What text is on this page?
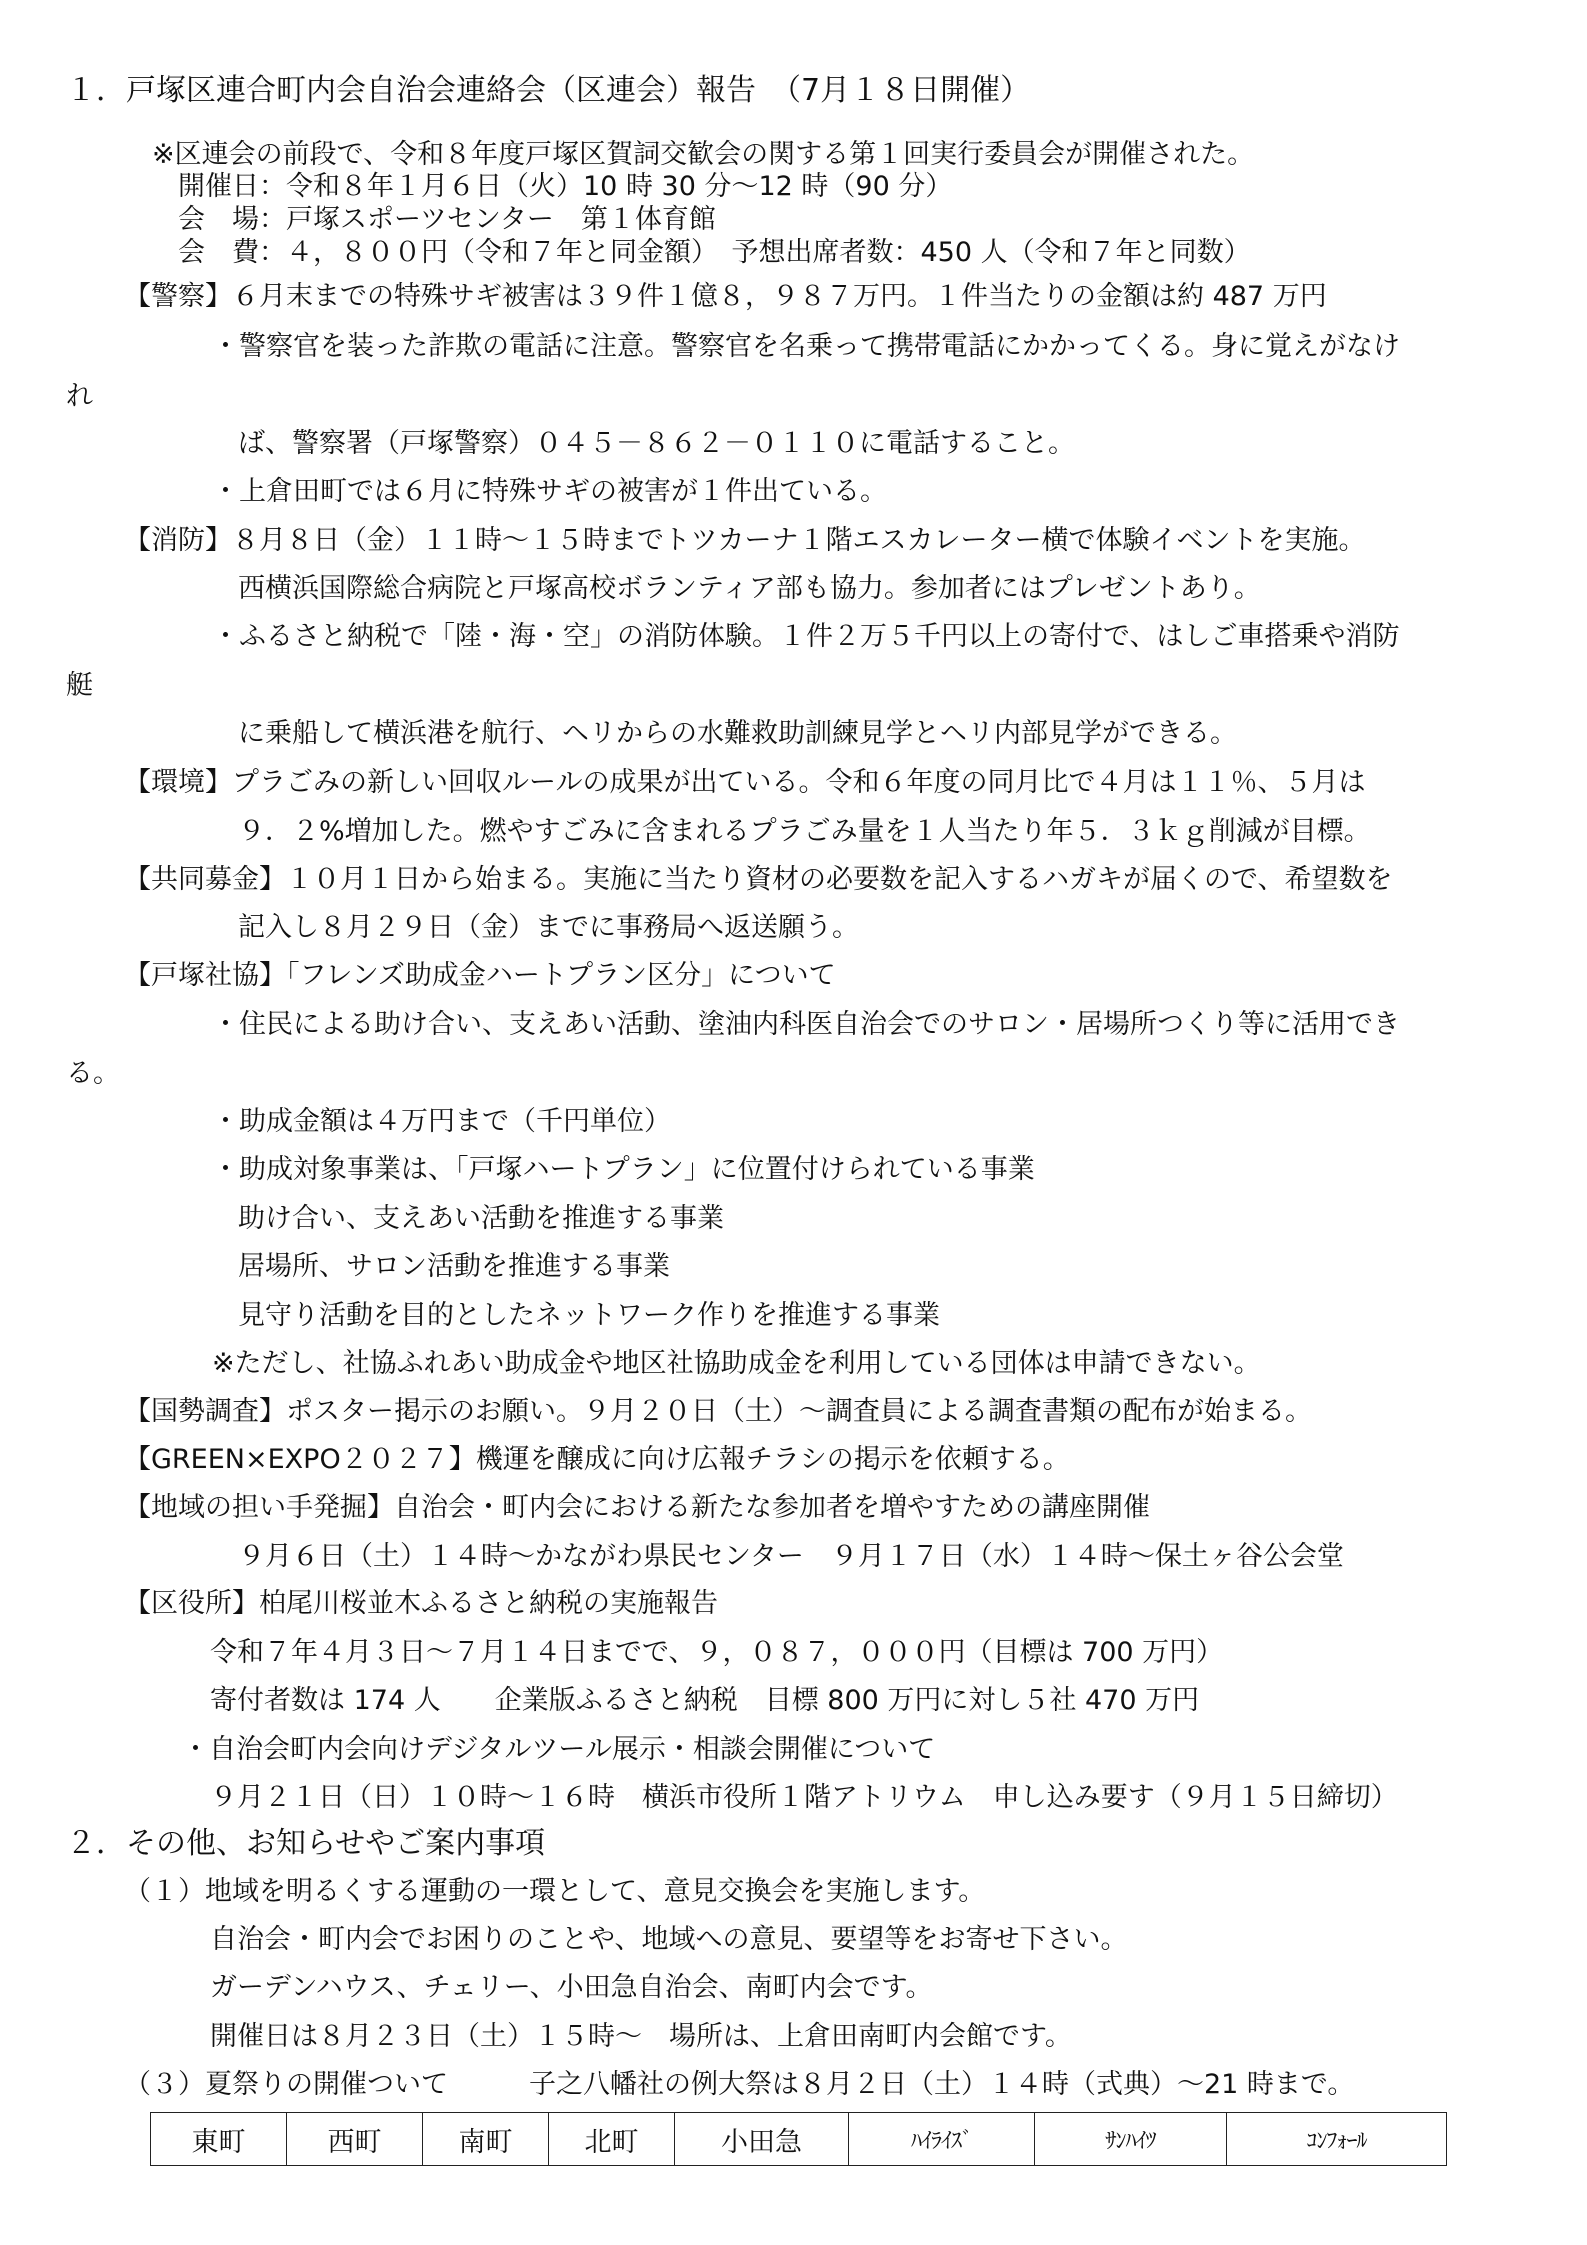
１．戸塚区連合町内会自治会連絡会（区連会）報告　（7月１８日開催）
※区連会の前段で、令和８年度戸塚区賀詞交歓会の関する第１回実行委員会が開催された。
開催日：令和８年１月６日（火）10 時 30 分～12 時（90 分）
会　場：戸塚スポーツセンター　第１体育館
会　費：４，８００円（令和７年と同金額）　予想出席者数：450 人（令和７年と同数）
【警察】６月末までの特殊サギ被害は３９件１億８，９８７万円。１件当たりの金額は約 487 万円
・警察官を装った詐欺の電話に注意。警察官を名乗って携帯電話にかかってくる。身に覚えがなけ
れ
ば、警察署（戸塚警察）０４５－８６２－０１１０に電話すること。
・上倉田町では６月に特殊サギの被害が１件出ている。
【消防】８月８日（金）１１時～１５時までトツカーナ１階エスカレーター横で体験イベントを実施。
西横浜国際総合病院と戸塚高校ボランティア部も協力。参加者にはプレゼントあり。
・ふるさと納税で「陸・海・空」の消防体験。１件２万５千円以上の寄付で、はしご車搭乗や消防
艇
に乗船して横浜港を航行、ヘリからの水難救助訓練見学とヘリ内部見学ができる。
【環境】プラごみの新しい回収ルールの成果が出ている。令和６年度の同月比で４月は１１％、５月は
９．２%増加した。燃やすごみに含まれるプラごみ量を１人当たり年５．３ｋｇ削減が目標。
【共同募金】１０月１日から始まる。実施に当たり資材の必要数を記入するハガキが届くので、希望数を
記入し８月２９日（金）までに事務局へ返送願う。
【戸塚社協】「フレンズ助成金ハートプラン区分」について
・住民による助け合い、支えあい活動、塗油内科医自治会でのサロン・居場所つくり等に活用でき
る。
・助成金額は４万円まで（千円単位）
・助成対象事業は、「戸塚ハートプラン」に位置付けられている事業
助け合い、支えあい活動を推進する事業
居場所、サロン活動を推進する事業
見守り活動を目的としたネットワーク作りを推進する事業
※ただし、社協ふれあい助成金や地区社協助成金を利用している団体は申請できない。
【国勢調査】ポスター掲示のお願い。９月２０日（土）～調査員による調査書類の配布が始まる。
【GREEN×EXPO２０２７】機運を醸成に向け広報チラシの掲示を依頼する。
【地域の担い手発掘】自治会・町内会における新たな参加者を増やすための講座開催
９月６日（土）１４時～かながわ県民センター　９月１７日（水）１４時～保土ヶ谷公会堂
【区役所】柏尾川桜並木ふるさと納税の実施報告
令和７年４月３日～７月１４日までで、９，０８７，０００円（目標は 700 万円）
寄付者数は 174 人　　企業版ふるさと納税　目標 800 万円に対し５社 470 万円
・自治会町内会向けデジタルツール展示・相談会開催について
９月２１日（日）１０時～１６時　横浜市役所１階アトリウム　申し込み要す（９月１５日締切）
２．その他、お知らせやご案内事項
（１）地域を明るくする運動の一環として、意見交換会を実施します。
自治会・町内会でお困りのことや、地域への意見、要望等をお寄せ下さい。
ガーデンハウス、チェリー、小田急自治会、南町内会です。
開催日は８月２３日（土）１５時～　場所は、上倉田南町内会館です。
（３）夏祭りの開催ついて　　　子之八幡社の例大祭は８月２日（土）１４時（式典）～21 時まで。
東町	西町	南町	北町	小田急	ﾊｲﾗｲｽﾞ	ｻﾝﾊｲﾂ	ｺﾝﾌｫｰﾙ
